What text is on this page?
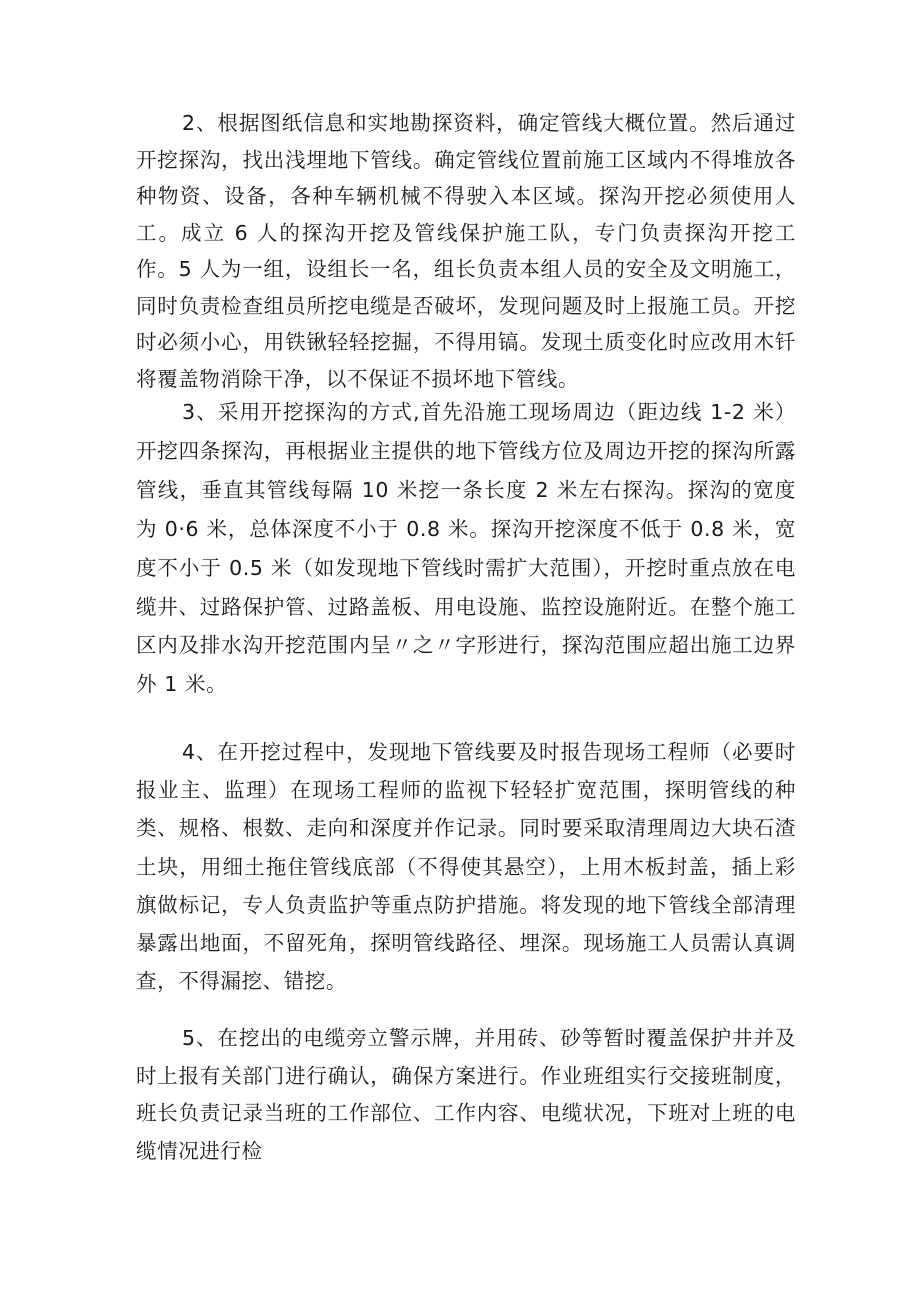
2、根据图纸信息和实地勘探资料，确定管线大概位置。然后通过开挖探沟，找出浅埋地下管线。确定管线位置前施工区域内不得堆放各种物资、设备，各种车辆机械不得驶入本区域。探沟开挖必须使用人工。成立 6 人的探沟开挖及管线保护施工队，专门负责探沟开挖工作。5 人为一组，设组长一名，组长负责本组人员的安全及文明施工，同时负责检查组员所挖电缆是否破坏，发现问题及时上报施工员。开挖时必须小心，用铁锹轻轻挖掘，不得用镐。发现土质变化时应改用木钎将覆盖物消除干净，以不保证不损坏地下管线。

3、采用开挖探沟的方式,首先沿施工现场周边（距边线 1-2 米）开挖四条探沟，再根据业主提供的地下管线方位及周边开挖的探沟所露管线，垂直其管线每隔 10 米挖一条长度 2 米左右探沟。探沟的宽度为 0·6 米，总体深度不小于 0.8 米。探沟开挖深度不低于 0.8 米，宽度不小于 0.5 米（如发现地下管线时需扩大范围），开挖时重点放在电缆井、过路保护管、过路盖板、用电设施、监控设施附近。在整个施工区内及排水沟开挖范围内呈〃之〃字形进行，探沟范围应超出施工边界外 1 米。

4、在开挖过程中，发现地下管线要及时报告现场工程师（必要时报业主、监理）在现场工程师的监视下轻轻扩宽范围，探明管线的种类、规格、根数、走向和深度并作记录。同时要采取清理周边大块石渣土块，用细土拖住管线底部（不得使其悬空），上用木板封盖，插上彩旗做标记，专人负责监护等重点防护措施。将发现的地下管线全部清理暴露出地面，不留死角，探明管线路径、埋深。现场施工人员需认真调查，不得漏挖、错挖。

5、在挖出的电缆旁立警示牌，并用砖、砂等暂时覆盖保护井并及时上报有关部门进行确认，确保方案进行。作业班组实行交接班制度，班长负责记录当班的工作部位、工作内容、电缆状况，下班对上班的电缆情况进行检
